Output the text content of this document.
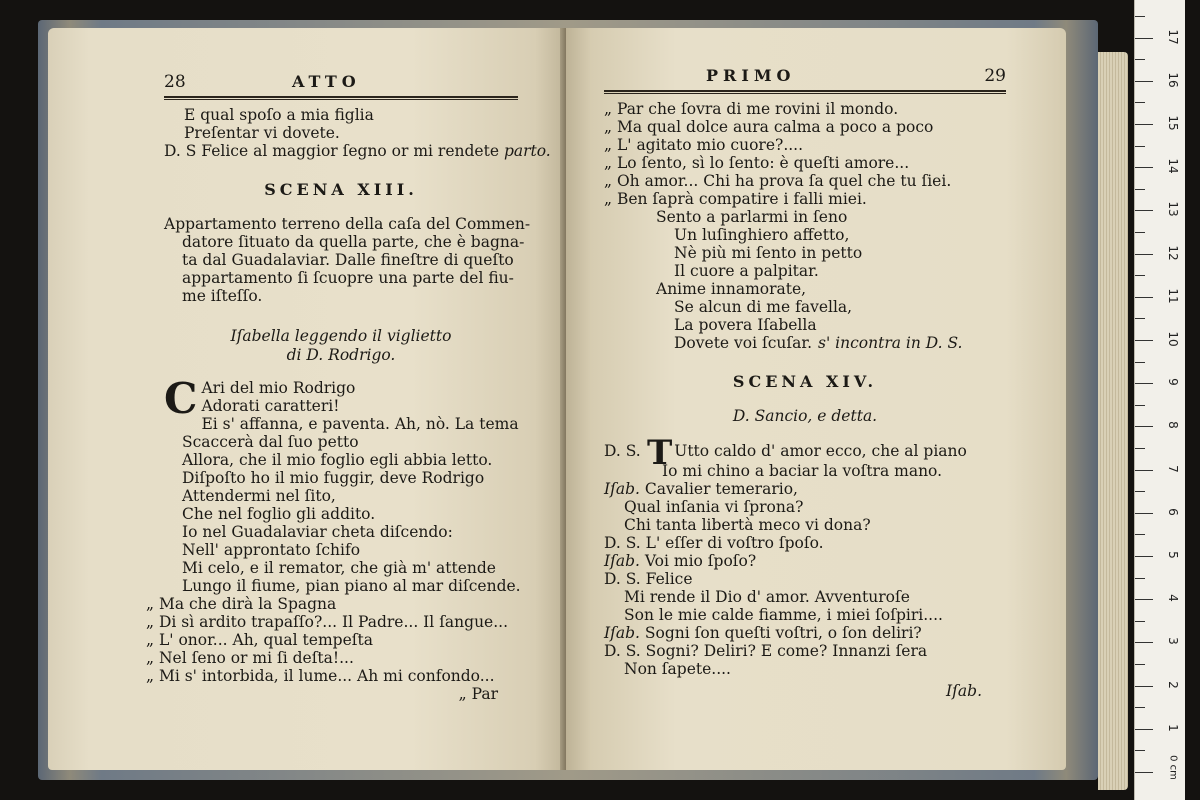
28	ATTO
E qual spoſo a mia figlia
Preſentar vi dovete.
D. S Felice al maggior ſegno or mi rendete parto.
SCENA XIII.
Appartamento terreno della caſa del Commen-
datore ſituato da quella parte, che è bagna-
ta dal Guadalaviar. Dalle fineſtre di queſto
appartamento ſi ſcuopre una parte del fiu-
me iſteſſo.
Iſabella leggendo il viglietto
di D. Rodrigo.
C Ari del mio Rodrigo
Adorati caratteri!
Ei s' affanna, e paventa. Ah, nò. La tema
Scaccerà dal ſuo petto
Allora, che il mio foglio egli abbia letto.
Diſpoſto ho il mio fuggir, deve Rodrigo
Attendermi nel ſito,
Che nel foglio gli addito.
Io nel Guadalaviar cheta diſcendo:
Nell' approntato ſchifo
Mi celo, e il remator, che già m' attende
Lungo il fiume, pian piano al mar diſcende.
„ Ma che dirà la Spagna
„ Di sì ardito trapaſſo?... Il Padre... Il ſangue...
„ L' onor... Ah, qual tempeſta
„ Nel ſeno or mi ſi deſta!...
„ Mi s' intorbida, il lume... Ah mi confondo...
„ Par
PRIMO	29
„ Par che ſovra di me rovini il mondo.
„ Ma qual dolce aura calma a poco a poco
„ L' agitato mio cuore?....
„ Lo ſento, sì lo ſento: è queſti amore...
„ Oh amor... Chi ha prova ſa quel che tu ſiei.
„ Ben ſaprà compatire i falli miei.
Sento a parlarmi in ſeno
Un luſinghiero affetto,
Nè più mi ſento in petto
Il cuore a palpitar.
Anime innamorate,
Se alcun di me favella,
La povera Iſabella
Dovete voi ſcuſar. s' incontra in D. S.
SCENA XIV.
D. Sancio, e detta.
D. S. T Utto caldo d' amor ecco, che al piano
Io mi chino a baciar la voſtra mano.
Iſab. Cavalier temerario,
Qual inſania vi ſprona?
Chi tanta libertà meco vi dona?
D. S. L' eſſer di voſtro ſpoſo.
Iſab. Voi mio ſpoſo?
D. S. Felice
Mi rende il Dio d' amor. Avventuroſe
Son le mie calde fiamme, i miei ſoſpiri....
Iſab. Sogni ſon queſti voſtri, o ſon deliri?
D. S. Sogni? Deliri? E come? Innanzi ſera
Non ſapete....
Iſab.
0 cm
1
2
3
4
5
6
7
8
9
10
11
12
13
14
15
16
17
